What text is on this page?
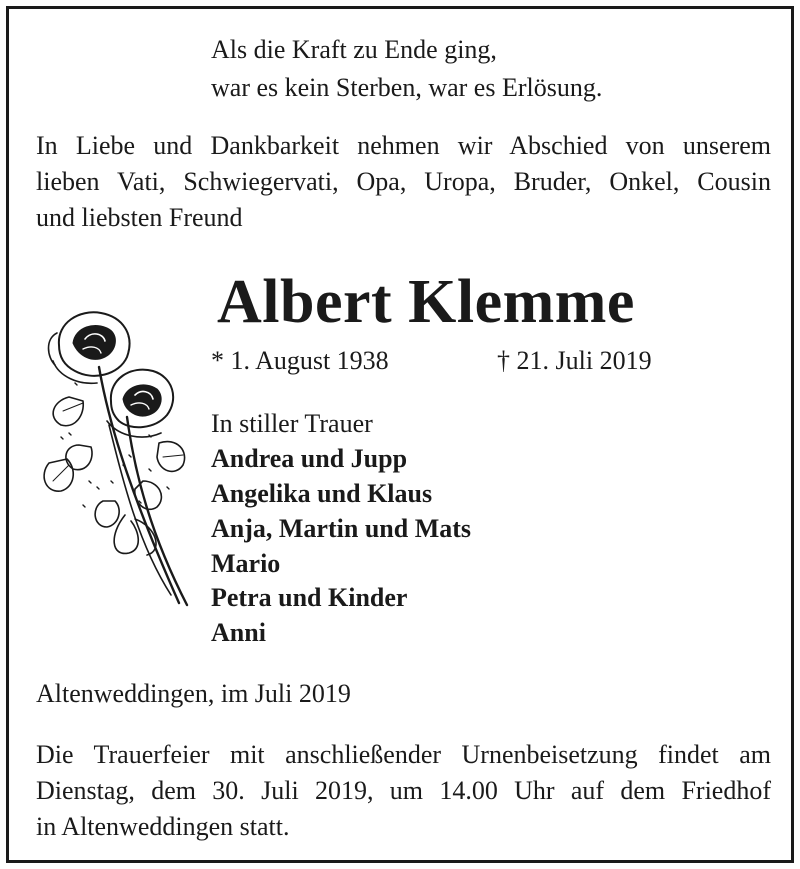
Als die Kraft zu Ende ging,
war es kein Sterben, war es Erlösung.
In Liebe und Dankbarkeit nehmen wir Abschied von unserem
lieben Vati, Schwiegervati, Opa, Uropa, Bruder, Onkel, Cousin
und liebsten Freund
Albert Klemme
* 1. August 1938	† 21. Juli 2019
In stiller Trauer
Andrea und Jupp
Angelika und Klaus
Anja, Martin und Mats
Mario
Petra und Kinder
Anni
Altenweddingen, im Juli 2019
Die Trauerfeier mit anschließender Urnenbeisetzung findet am
Dienstag, dem 30. Juli 2019, um 14.00 Uhr auf dem Friedhof
in Altenweddingen statt.
